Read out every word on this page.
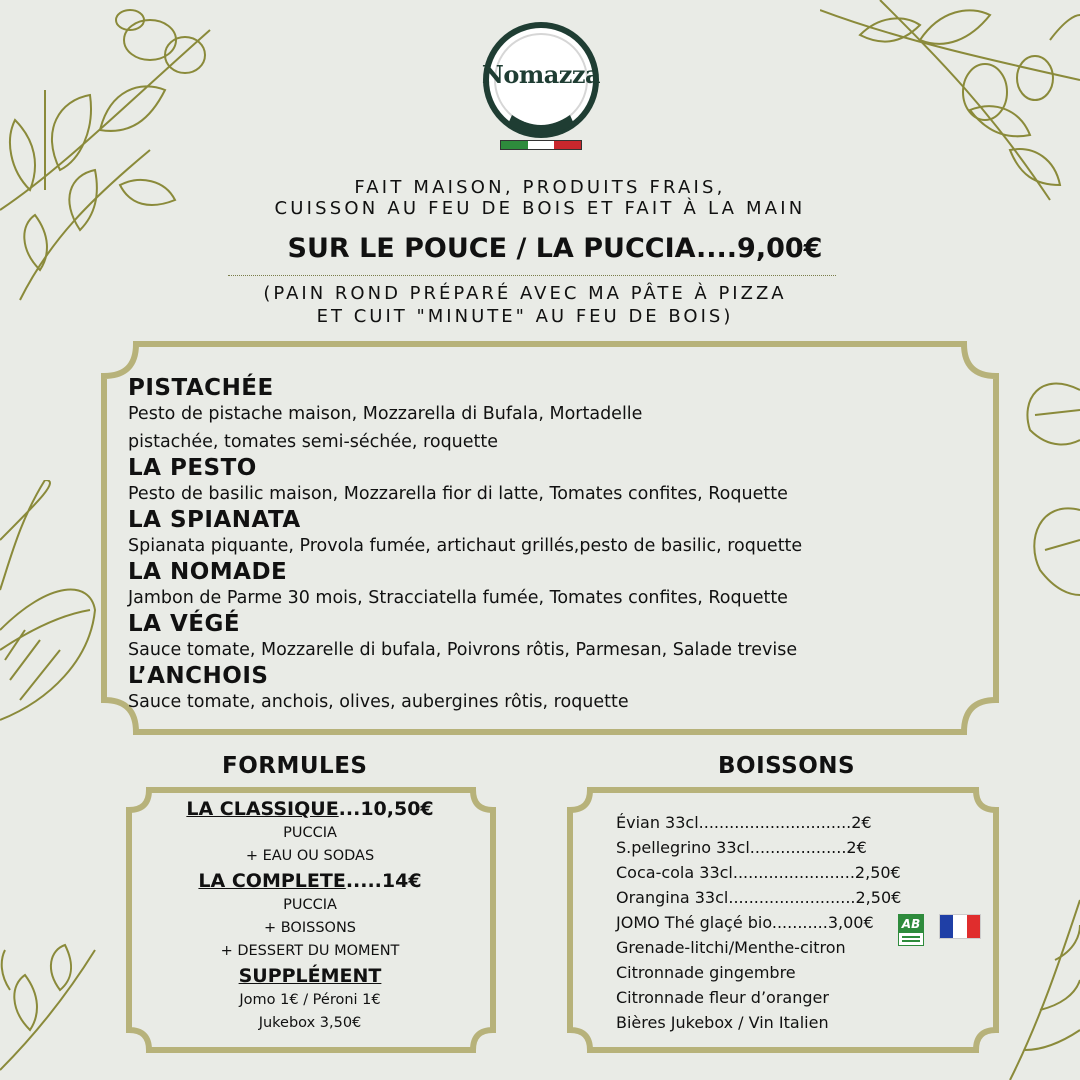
Nomazza
TRUCK
FAIT MAISON, PRODUITS FRAIS,
CUISSON AU FEU DE BOIS ET FAIT À LA MAIN
SUR LE POUCE / LA PUCCIA....9,00€
(PAIN ROND PRÉPARÉ AVEC MA PÂTE À PIZZA
ET CUIT "MINUTE" AU FEU DE BOIS)
PISTACHÉE
Pesto de pistache maison, Mozzarella di Bufala, Mortadelle
pistachée, tomates semi-séchée, roquette
LA PESTO
Pesto de basilic maison, Mozzarella fior di latte, Tomates confites, Roquette
LA SPIANATA
Spianata piquante, Provola fumée, artichaut grillés,pesto de basilic, roquette
LA NOMADE
Jambon de Parme 30 mois, Stracciatella fumée, Tomates confites, Roquette
LA VÉGÉ
Sauce tomate, Mozzarelle di bufala, Poivrons rôtis, Parmesan, Salade trevise
L’ANCHOIS
Sauce tomate, anchois, olives, aubergines rôtis, roquette
FORMULES	BOISSONS
LA CLASSIQUE...10,50€
PUCCIA
+ EAU OU SODAS
LA COMPLETE.....14€
PUCCIA
+ BOISSONS
+ DESSERT DU MOMENT
SUPPLÉMENT
Jomo 1€ / Péroni 1€
Jukebox 3,50€
Évian 33cl..............................2€
S.pellegrino 33cl...................2€
Coca-cola 33cl........................2,50€
Orangina 33cl.........................2,50€
JOMO Thé glaçé bio...........3,00€
Grenade-litchi/Menthe-citron
Citronnade gingembre
Citronnade fleur d’oranger
Bières Jukebox / Vin Italien
AB
